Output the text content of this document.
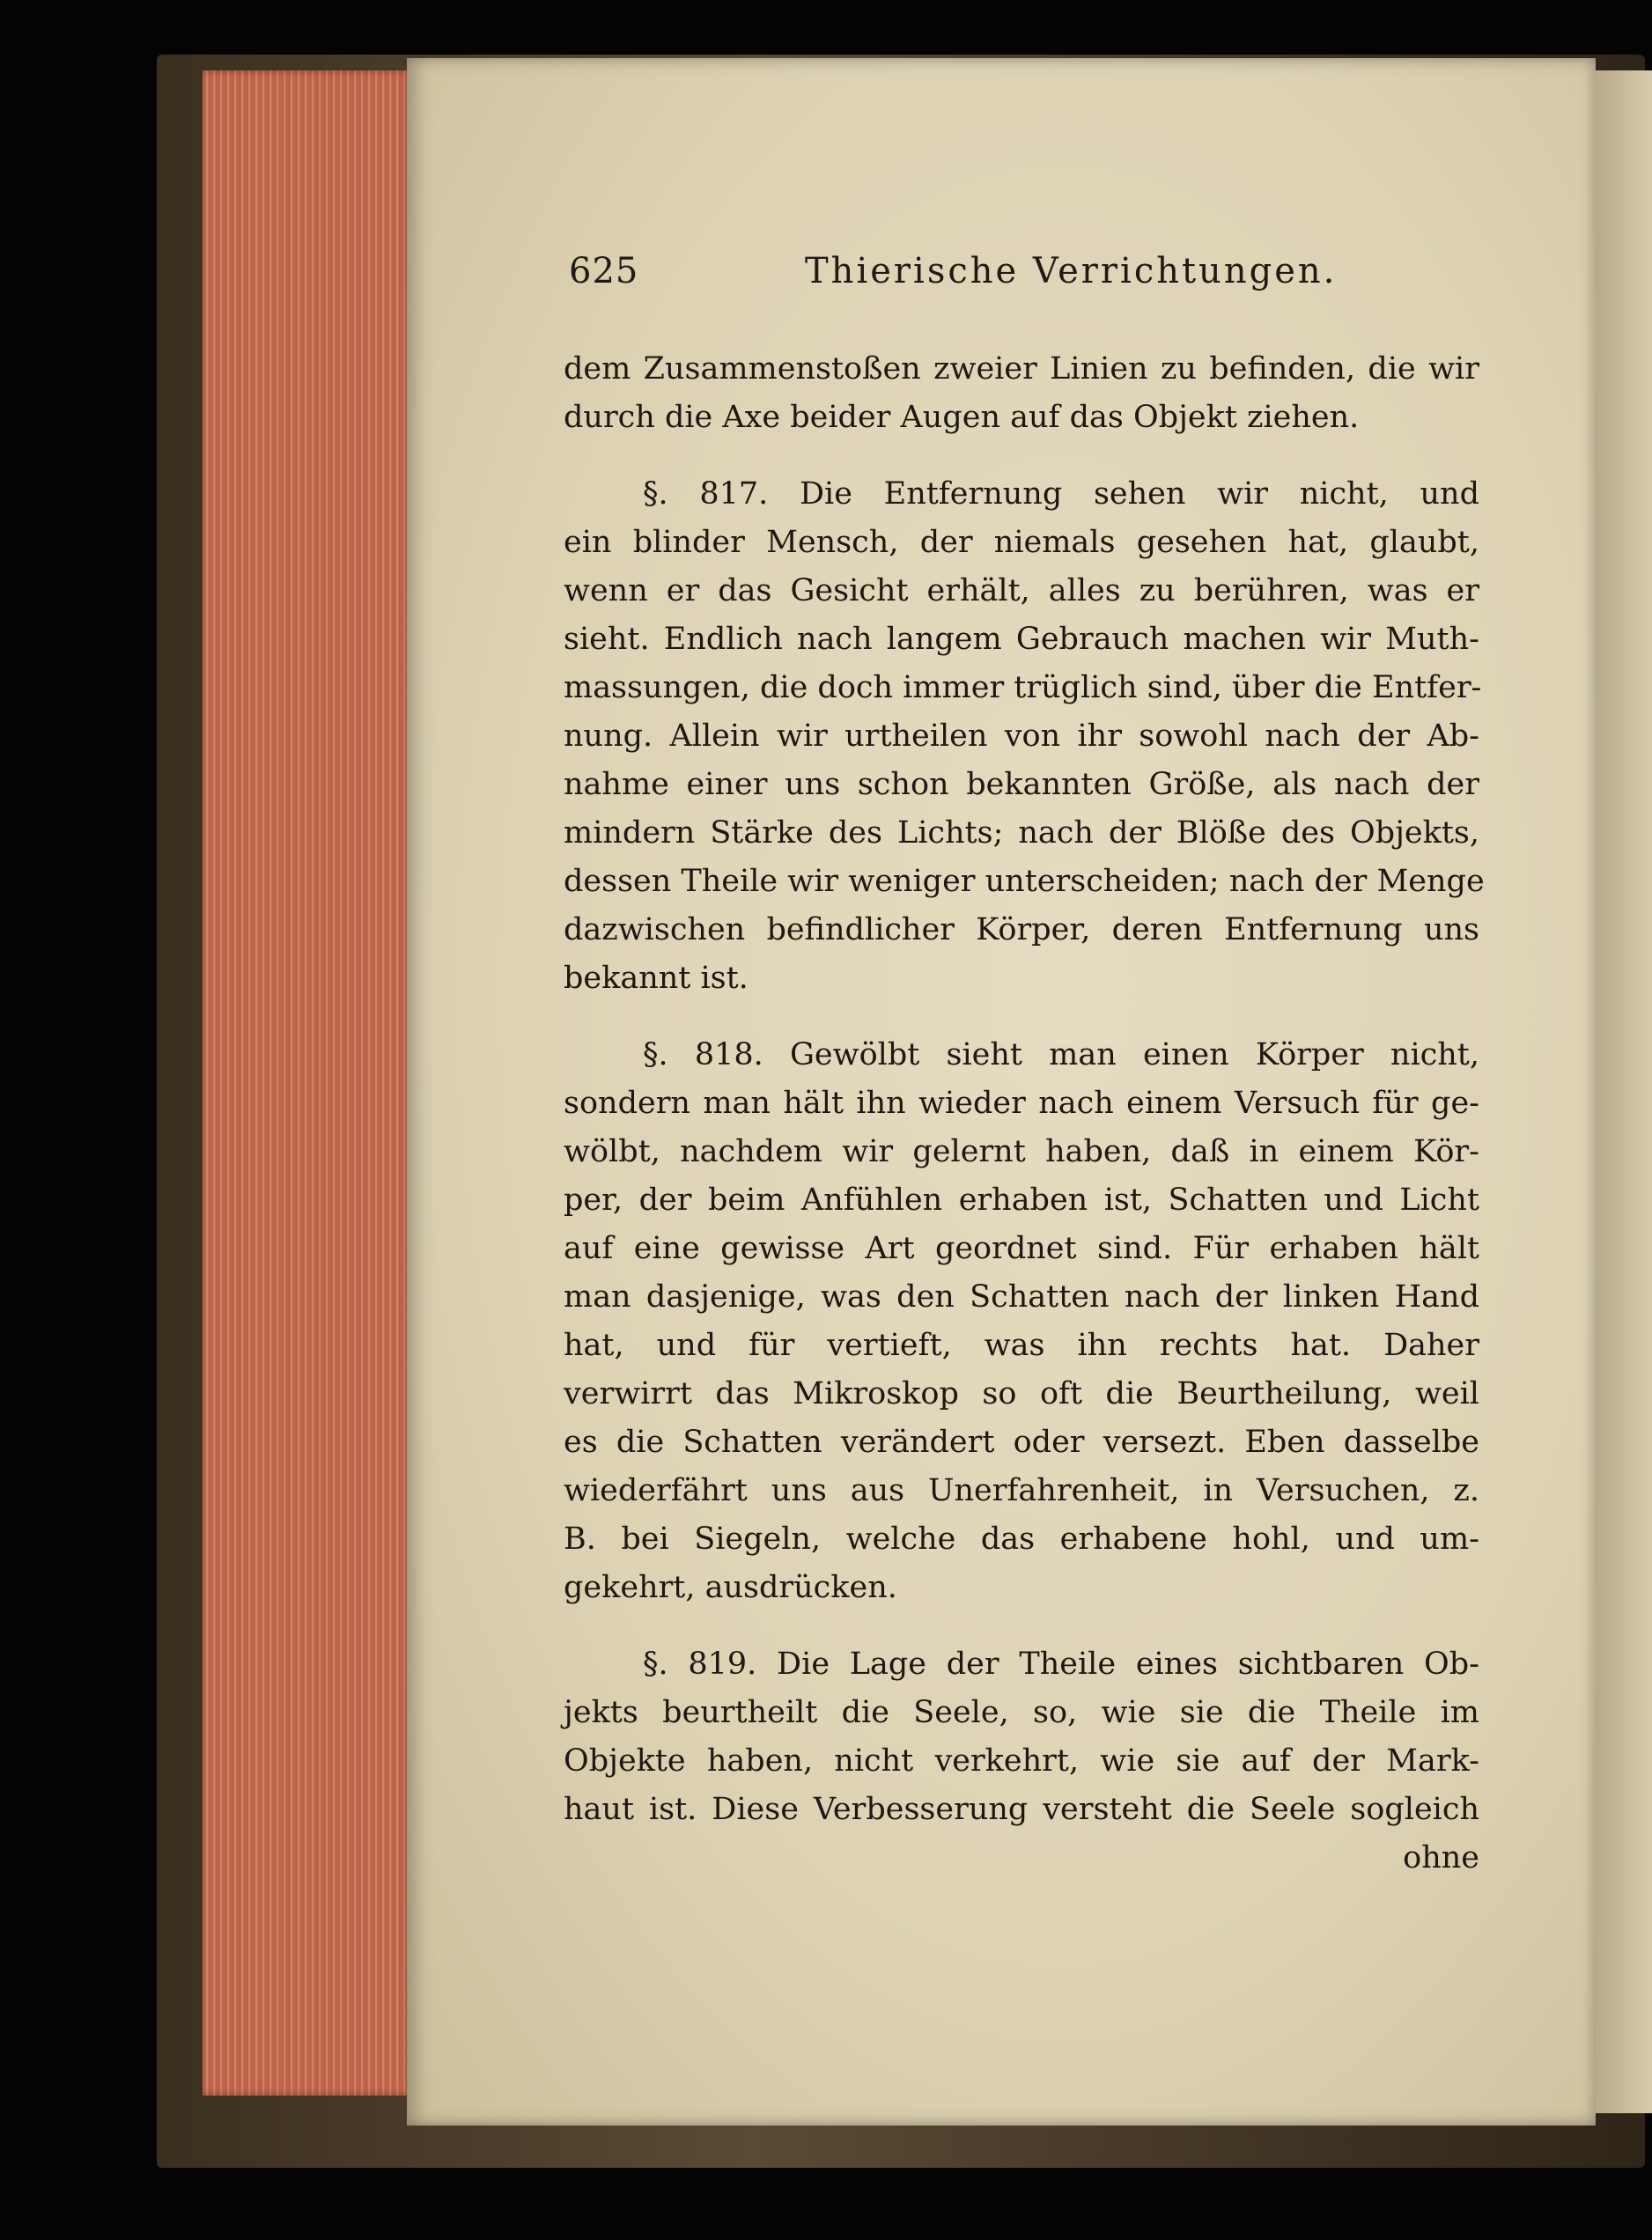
625	Thierische Verrichtungen.
dem Zusammenstoßen zweier Linien zu befinden, die wir
durch die Axe beider Augen auf das Objekt ziehen.
§. 817. Die Entfernung sehen wir nicht, und
ein blinder Mensch, der niemals gesehen hat, glaubt,
wenn er das Gesicht erhält, alles zu berühren, was er
sieht. Endlich nach langem Gebrauch machen wir Muth-
massungen, die doch immer trüglich sind, über die Entfer-
nung. Allein wir urtheilen von ihr sowohl nach der Ab-
nahme einer uns schon bekannten Größe, als nach der
mindern Stärke des Lichts; nach der Blöße des Objekts,
dessen Theile wir weniger unterscheiden; nach der Menge
dazwischen befindlicher Körper, deren Entfernung uns
bekannt ist.
§. 818. Gewölbt sieht man einen Körper nicht,
sondern man hält ihn wieder nach einem Versuch für ge-
wölbt, nachdem wir gelernt haben, daß in einem Kör-
per, der beim Anfühlen erhaben ist, Schatten und Licht
auf eine gewisse Art geordnet sind. Für erhaben hält
man dasjenige, was den Schatten nach der linken Hand
hat, und für vertieft, was ihn rechts hat. Daher
verwirrt das Mikroskop so oft die Beurtheilung, weil
es die Schatten verändert oder versezt. Eben dasselbe
wiederfährt uns aus Unerfahrenheit, in Versuchen, z.
B. bei Siegeln, welche das erhabene hohl, und um-
gekehrt, ausdrücken.
§. 819. Die Lage der Theile eines sichtbaren Ob-
jekts beurtheilt die Seele, so, wie sie die Theile im
Objekte haben, nicht verkehrt, wie sie auf der Mark-
haut ist. Diese Verbesserung versteht die Seele sogleich
ohne
